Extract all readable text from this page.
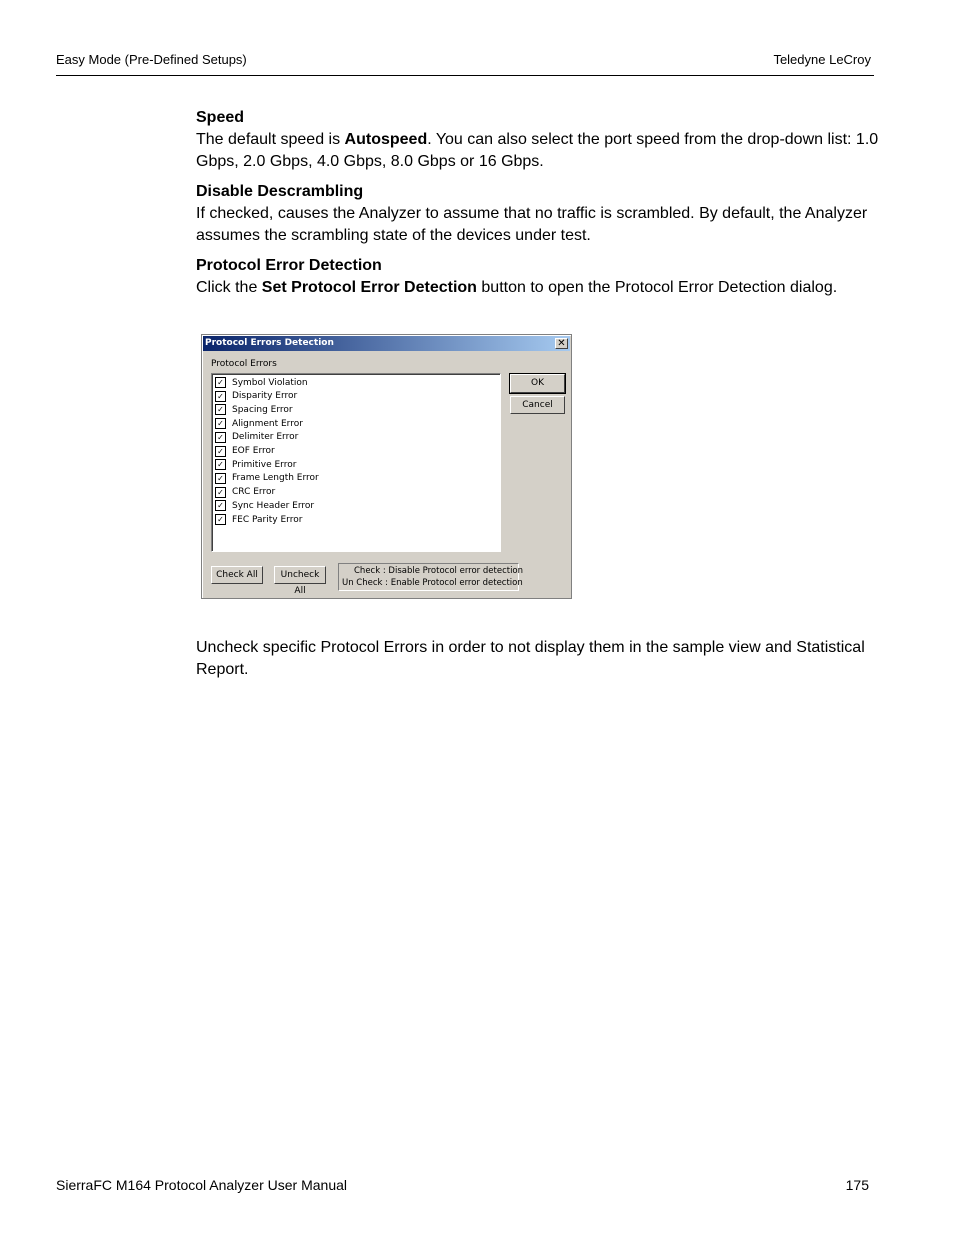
Easy Mode (Pre-Defined Setups)	Teledyne LeCroy

Speed

The default speed is Autospeed. You can also select the port speed from the drop-down list: 1.0 Gbps, 2.0 Gbps, 4.0 Gbps, 8.0 Gbps or 16 Gbps.

Disable Descrambling

If checked, causes the Analyzer to assume that no traffic is scrambled. By default, the Analyzer assumes the scrambling state of the devices under test.

Protocol Error Detection

Click the Set Protocol Error Detection button to open the Protocol Error Detection dialog.

Protocol Errors Detection	✕
Protocol Errors
✓ Symbol Violation
✓ Disparity Error
✓ Spacing Error
✓ Alignment Error
✓ Delimiter Error
✓ EOF Error
✓ Primitive Error
✓ Frame Length Error
✓ CRC Error
✓ Sync Header Error
✓ FEC Parity Error
OK
Cancel
Check All	Uncheck All
Check : Disable Protocol error detection
Un Check : Enable Protocol error detection

Uncheck specific Protocol Errors in order to not display them in the sample view and Statistical Report.

SierraFC M164 Protocol Analyzer User Manual	175
